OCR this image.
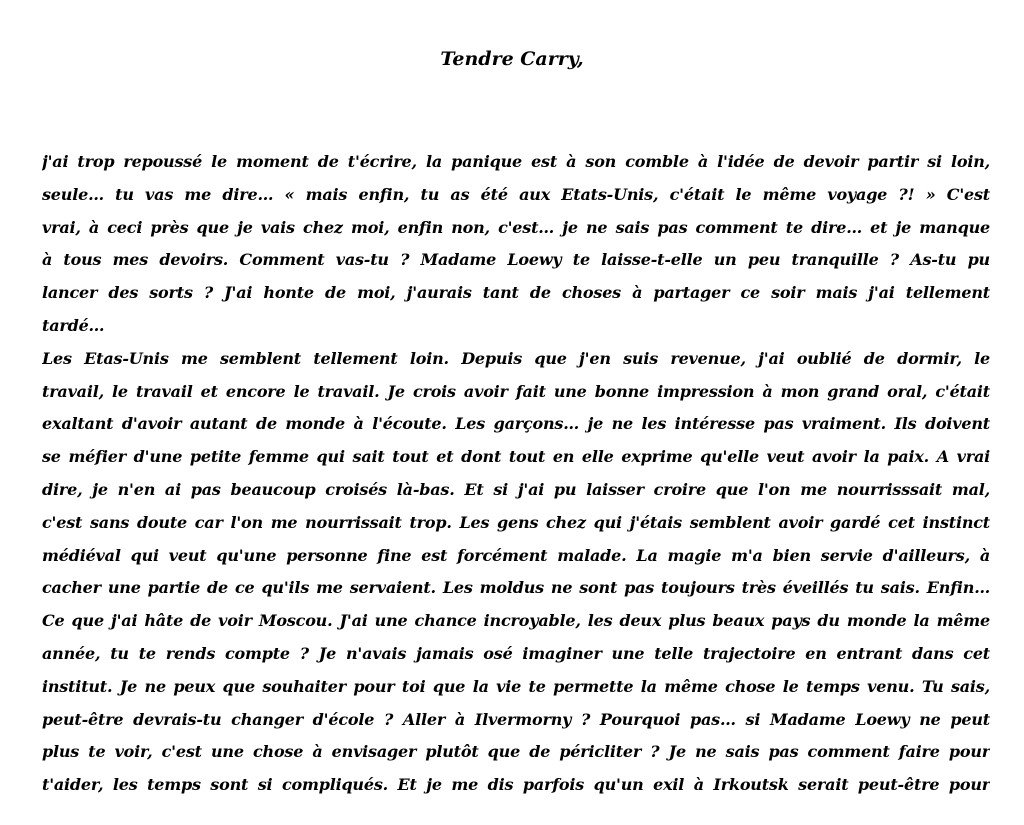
Tendre Carry,
j'ai trop repoussé le moment de t'écrire, la panique est à son comble à l'idée de devoir partir si loin,
seule… tu vas me dire… « mais enfin, tu as été aux Etats-Unis, c'était le même voyage ?! » C'est
vrai, à ceci près que je vais chez moi, enfin non, c'est… je ne sais pas comment te dire… et je manque
à tous mes devoirs. Comment vas-tu ? Madame Loewy te laisse-t-elle un peu tranquille ? As-tu pu
lancer des sorts ? J'ai honte de moi, j'aurais tant de choses à partager ce soir mais j'ai tellement
tardé…
Les Etas-Unis me semblent tellement loin. Depuis que j'en suis revenue, j'ai oublié de dormir, le
travail, le travail et encore le travail. Je crois avoir fait une bonne impression à mon grand oral, c'était
exaltant d'avoir autant de monde à l'écoute. Les garçons… je ne les intéresse pas vraiment. Ils doivent
se méfier d'une petite femme qui sait tout et dont tout en elle exprime qu'elle veut avoir la paix. A vrai
dire, je n'en ai pas beaucoup croisés là-bas. Et si j'ai pu laisser croire que l'on me nourrisssait mal,
c'est sans doute car l'on me nourrissait trop. Les gens chez qui j'étais semblent avoir gardé cet instinct
médiéval qui veut qu'une personne fine est forcément malade. La magie m'a bien servie d'ailleurs, à
cacher une partie de ce qu'ils me servaient. Les moldus ne sont pas toujours très éveillés tu sais. Enfin…
Ce que j'ai hâte de voir Moscou. J'ai une chance incroyable, les deux plus beaux pays du monde la même
année, tu te rends compte ? Je n'avais jamais osé imaginer une telle trajectoire en entrant dans cet
institut. Je ne peux que souhaiter pour toi que la vie te permette la même chose le temps venu. Tu sais,
peut-être devrais-tu changer d'école ? Aller à Ilvermorny ? Pourquoi pas… si Madame Loewy ne peut
plus te voir, c'est une chose à envisager plutôt que de péricliter ? Je ne sais pas comment faire pour
t'aider, les temps sont si compliqués. Et je me dis parfois qu'un exil à Irkoutsk serait peut-être pour
